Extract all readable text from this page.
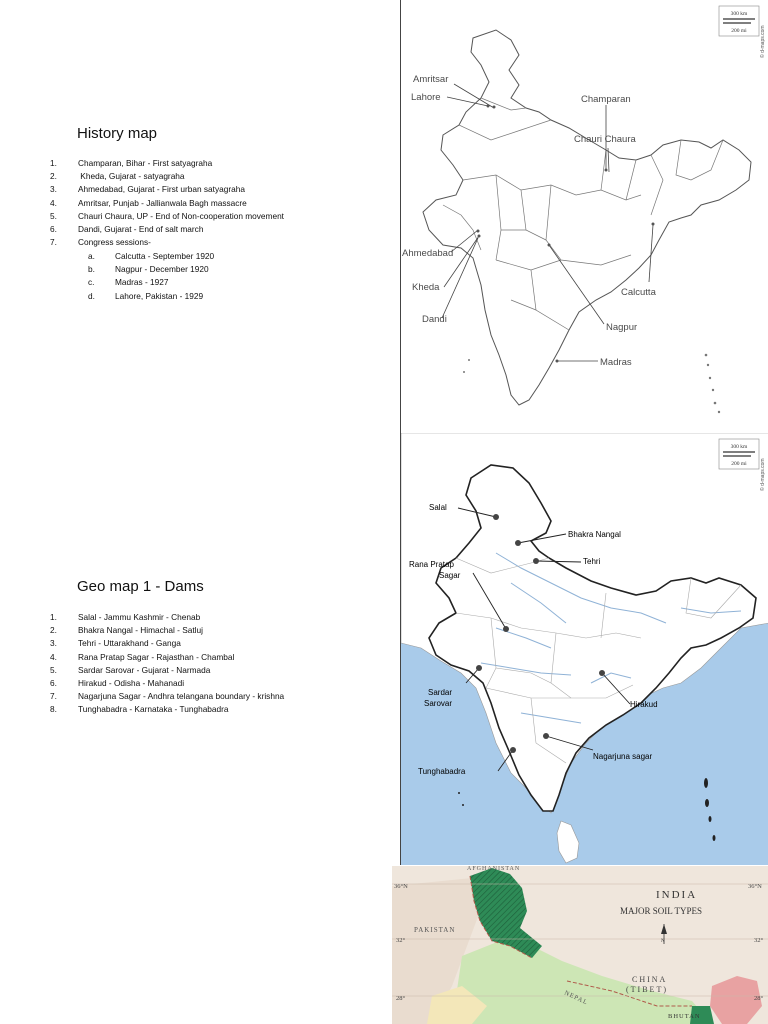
History map
1.	Champaran, Bihar - First satyagraha
2.	Kheda, Gujarat - satyagraha
3.	Ahmedabad, Gujarat - First urban satyagraha
4.	Amritsar, Punjab - Jallianwala Bagh massacre
5.	Chauri Chaura, UP - End of Non-cooperation movement
6.	Dandi, Gujarat - End of salt march
7.	Congress sessions-
a. Calcutta - September 1920
b. Nagpur - December 1920
c. Madras - 1927
d. Lahore, Pakistan - 1929
Geo map 1 - Dams
1.	Salal - Jammu Kashmir - Chenab
2.	Bhakra Nangal - Himachal - Satluj
3.	Tehri - Uttarakhand - Ganga
4.	Rana Pratap Sagar - Rajasthan - Chambal
5.	Sardar Sarovar - Gujarat - Narmada
6.	Hirakud - Odisha - Mahanadi
7.	Nagarjuna Sagar - Andhra telangana boundary - krishna
8.	Tunghabadra - Karnataka - Tunghabadra
300 km
200 mi	© d-maps.com
Amritsar
Lahore	Champaran
Chauri Chaura
Ahmedabad
Kheda
Dandi
Calcutta
Nagpur
Madras
300 km
200 mi	© d-maps.com
Salal
Bhakra Nangal
Tehri
Rana Pratap
Sagar
Sardar
Sarovar	Hirakud
Nagarjuna sagar
Tunghabadra
AFGHANISTAN
36°N	36°N
INDIA
MAJOR SOIL TYPES
PAKISTAN
32°	32°
N
CHINA
(TIBET)
NEPAL
28°	28°
BHUTAN
